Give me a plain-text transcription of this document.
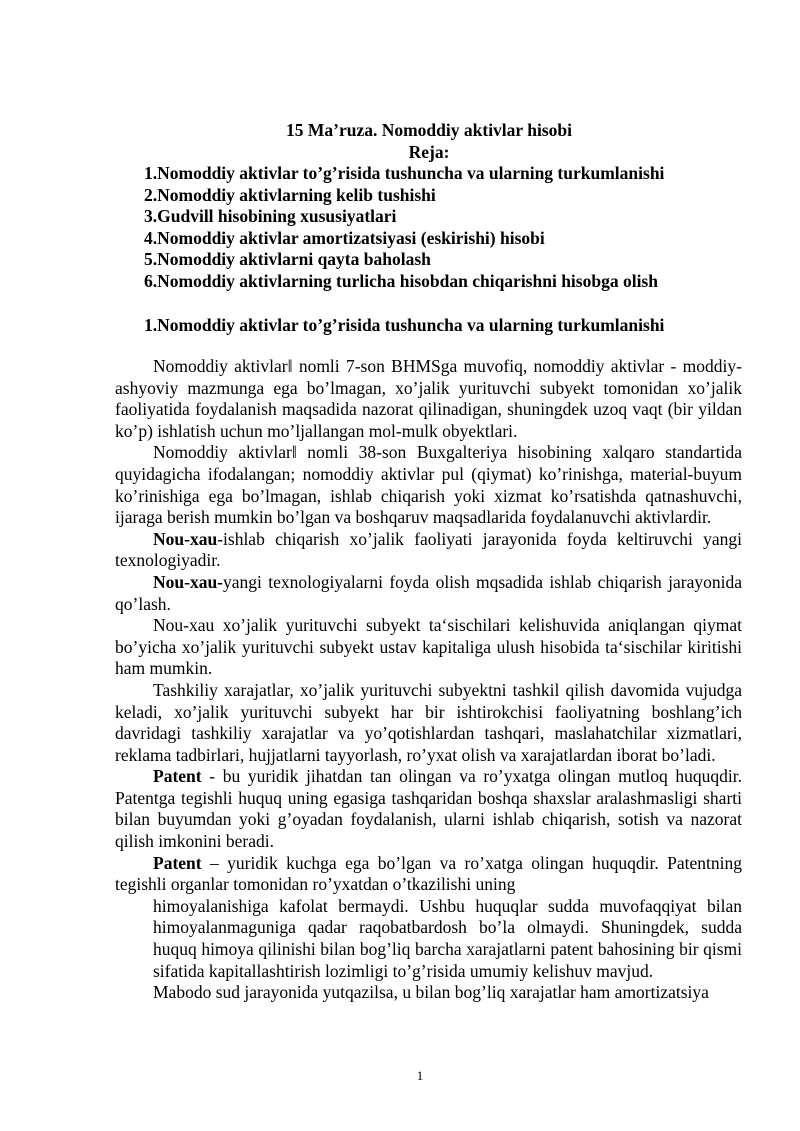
15 Ma’ruza. Nomoddiy aktivlar hisobi
Reja:
1.Nomoddiy aktivlar to’g’risida tushuncha va ularning turkumlanishi
2.Nomoddiy aktivlarning kelib tushishi
3.Gudvill hisobining xususiyatlari
4.Nomoddiy aktivlar amortizatsiyasi (eskirishi) hisobi
5.Nomoddiy aktivlarni qayta baholash
6.Nomoddiy aktivlarning turlicha hisobdan chiqarishni hisobga olish
1.Nomoddiy aktivlar to’g’risida tushuncha va ularning turkumlanishi

Nomoddiy aktivlar‖ nomli 7-son BHMSga muvofiq, nomoddiy aktivlar - moddiy-ashyoviy mazmunga ega bo’lmagan, xo’jalik yurituvchi subyekt tomonidan xo’jalik faoliyatida foydalanish maqsadida nazorat qilinadigan, shuningdek uzoq vaqt (bir yildan ko’p) ishlatish uchun mo’ljallangan mol-mulk obyektlari.

Nomoddiy aktivlar‖ nomli 38-son Buxgalteriya hisobining xalqaro standartida quyidagicha ifodalangan; nomoddiy aktivlar pul (qiymat) ko’rinishga, material-buyum ko’rinishiga ega bo’lmagan, ishlab chiqarish yoki xizmat ko’rsatishda qatnashuvchi, ijaraga berish mumkin bo’lgan va boshqaruv maqsadlarida foydalanuvchi aktivlardir.

Nou-xau-ishlab chiqarish xo’jalik faoliyati jarayonida foyda keltiruvchi yangi texnologiyadir.

Nou-xau-yangi texnologiyalarni foyda olish mqsadida ishlab chiqarish jarayonida qo’lash.

Nou-xau xo’jalik yurituvchi subyekt ta‘sischilari kelishuvida aniqlangan qiymat bo’yicha xo’jalik yurituvchi subyekt ustav kapitaliga ulush hisobida ta‘sischilar kiritishi ham mumkin.

Tashkiliy xarajatlar, xo’jalik yurituvchi subyektni tashkil qilish davomida vujudga keladi, xo’jalik yurituvchi subyekt har bir ishtirokchisi faoliyatning boshlang’ich davridagi tashkiliy xarajatlar va yo’qotishlardan tashqari, maslahatchilar xizmatlari, reklama tadbirlari, hujjatlarni tayyorlash, ro’yxat olish va xarajatlardan iborat bo’ladi.

Patent - bu yuridik jihatdan tan olingan va ro’yxatga olingan mutloq huquqdir. Patentga tegishli huquq uning egasiga tashqaridan boshqa shaxslar aralashmasligi sharti bilan buyumdan yoki g’oyadan foydalanish, ularni ishlab chiqarish, sotish va nazorat qilish imkonini beradi.

Patent – yuridik kuchga ega bo’lgan va ro’xatga olingan huquqdir. Patentning tegishli organlar tomonidan ro’yxatdan o’tkazilishi uning

himoyalanishiga kafolat bermaydi. Ushbu huquqlar sudda muvofaqqiyat bilan himoyalanmaguniga qadar raqobatbardosh bo’la olmaydi. Shuningdek, sudda huquq himoya qilinishi bilan bog’liq barcha xarajatlarni patent bahosining bir qismi sifatida kapitallashtirish lozimligi to’g’risida umumiy kelishuv mavjud.

Mabodo sud jarayonida yutqazilsa, u bilan bog’liq xarajatlar ham amortizatsiya

1
